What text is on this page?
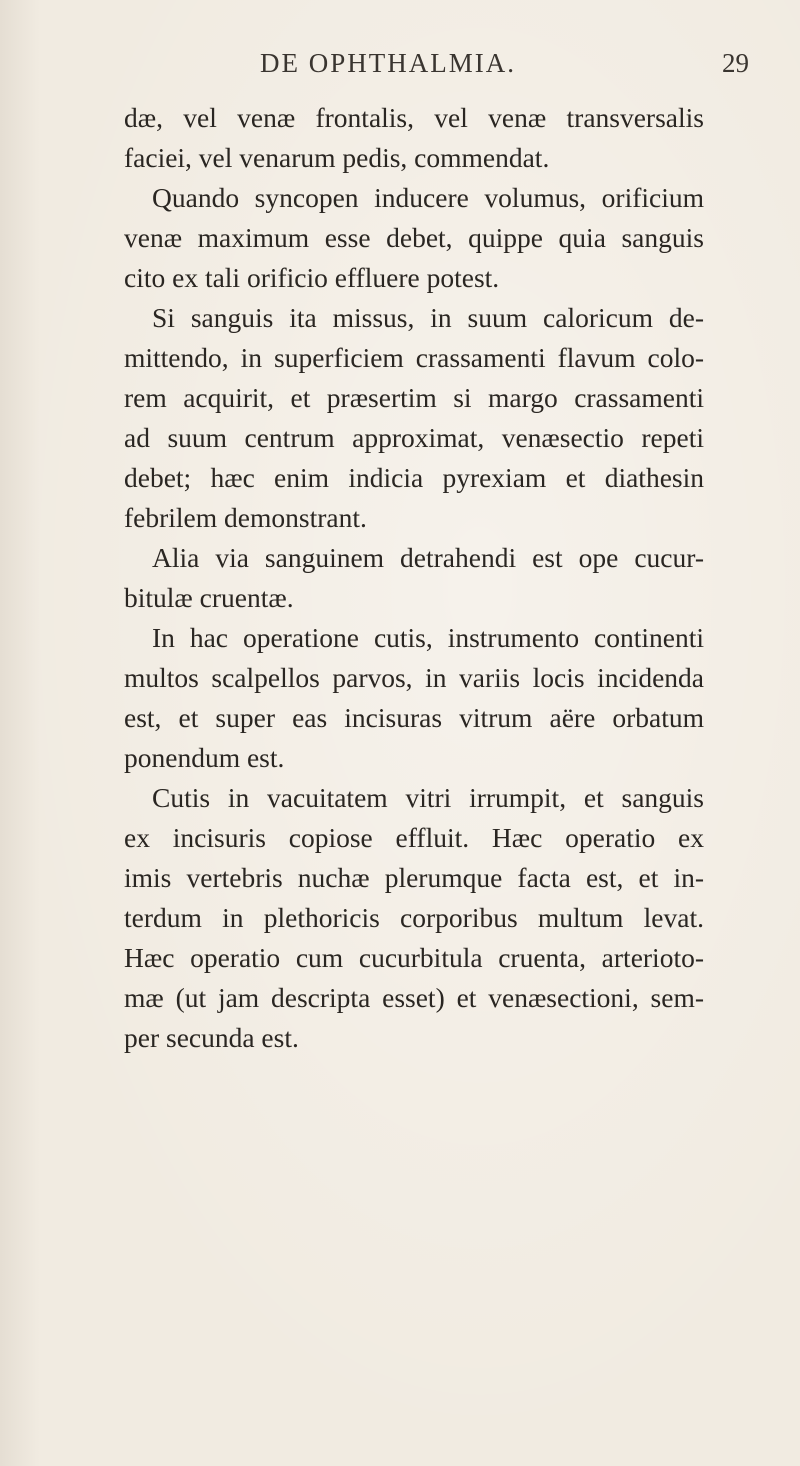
DE OPHTHALMIA.	29
dæ, vel venæ frontalis, vel venæ transversalis
faciei, vel venarum pedis, commendat.
Quando syncopen inducere volumus, orificium
venæ maximum esse debet, quippe quia sanguis
cito ex tali orificio effluere potest.
Si sanguis ita missus, in suum caloricum de-
mittendo, in superficiem crassamenti flavum colo-
rem acquirit, et præsertim si margo crassamenti
ad suum centrum approximat, venæsectio repeti
debet; hæc enim indicia pyrexiam et diathesin
febrilem demonstrant.
Alia via sanguinem detrahendi est ope cucur-
bitulæ cruentæ.
In hac operatione cutis, instrumento continenti
multos scalpellos parvos, in variis locis incidenda
est, et super eas incisuras vitrum aëre orbatum
ponendum est.
Cutis in vacuitatem vitri irrumpit, et sanguis
ex incisuris copiose effluit. Hæc operatio ex
imis vertebris nuchæ plerumque facta est, et in-
terdum in plethoricis corporibus multum levat.
Hæc operatio cum cucurbitula cruenta, arterioto-
mæ (ut jam descripta esset) et venæsectioni, sem-
per secunda est.
